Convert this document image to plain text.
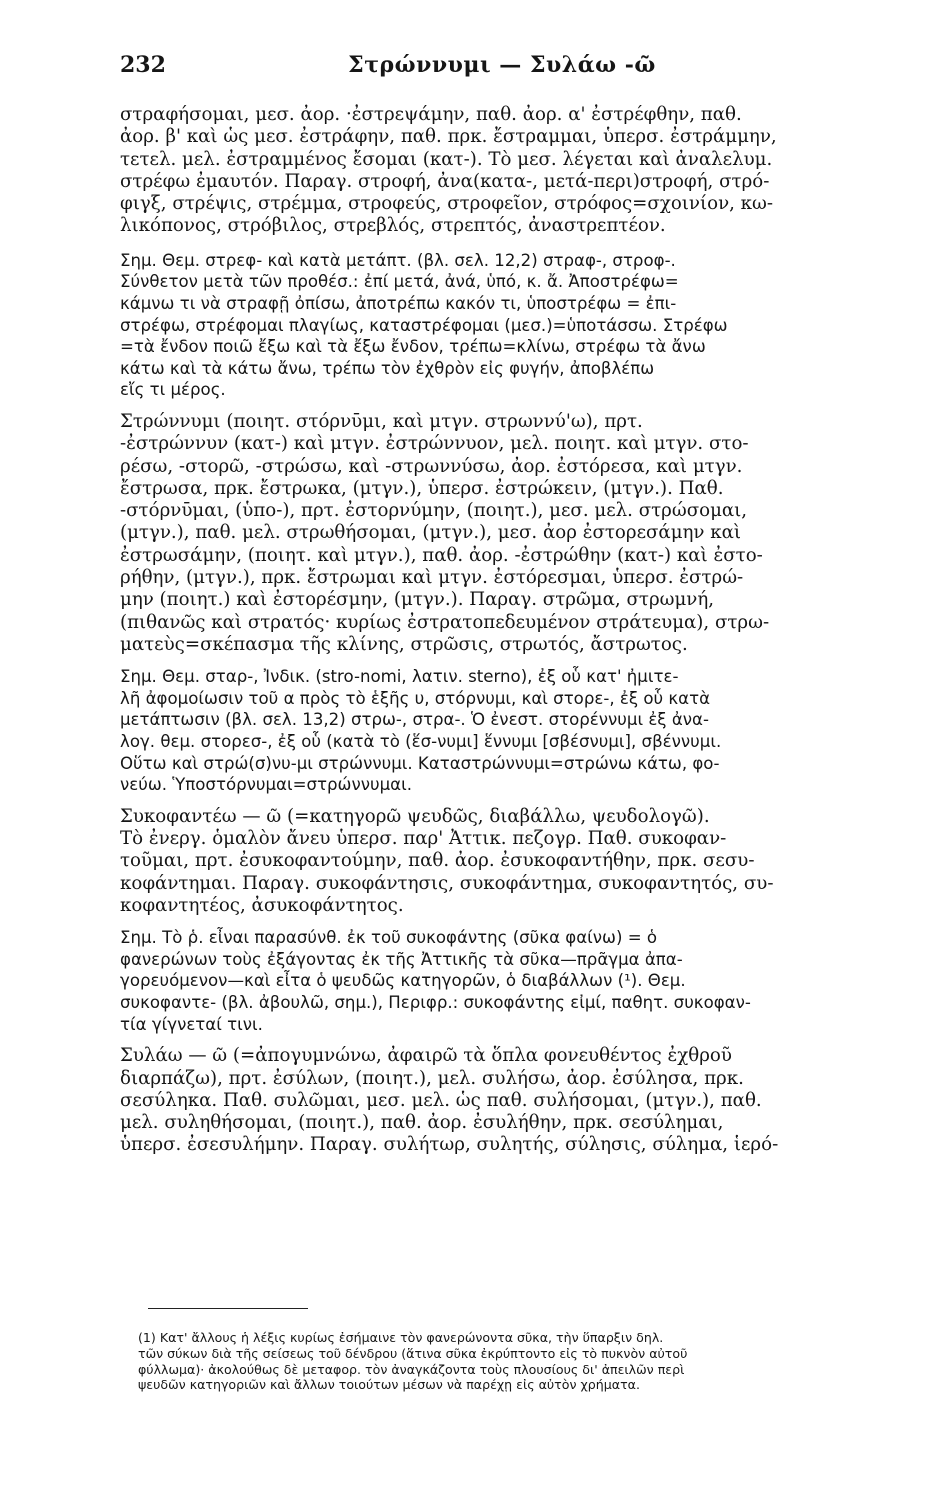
232	Στρώννυμι — Συλάω -ῶ
στραφήσομαι, μεσ. ἀορ. ·ἐστρεψάμην, παθ. ἀορ. α' ἐστρέφθην, παθ.
ἀορ. β' καὶ ὡς μεσ. ἐστράφην, παθ. πρκ. ἔστραμμαι, ὑπερσ. ἐστράμμην,
τετελ. μελ. ἐστραμμένος ἔσομαι (κατ-). Τὸ μεσ. λέγεται καὶ ἀναλελυμ.
στρέφω ἐμαυτόν. Παραγ. στροφή, ἀνα(κατα-, μετά-περι)στροφή, στρό-
φιγξ, στρέψις, στρέμμα, στροφεύς, στροφεῖον, στρόφος=σχοινίον, κω-
λικόπονος, στρόβιλος, στρεβλός, στρεπτός, ἀναστρεπτέον.
Σημ. Θεμ. στρεφ- καὶ κατὰ μετάπτ. (βλ. σελ. 12,2) στραφ-, στροφ-.
Σύνθετον μετὰ τῶν προθέσ.: ἐπί μετά, ἀνά, ὑπό, κ. ἄ. Ἀποστρέφω=
κάμνω τι νὰ στραφῇ ὀπίσω, ἀποτρέπω κακόν τι, ὑποστρέφω = ἐπι-
στρέφω, στρέφομαι πλαγίως, καταστρέφομαι (μεσ.)=ὑποτάσσω. Στρέφω
=τὰ ἔνδον ποιῶ ἔξω καὶ τὰ ἔξω ἔνδον, τρέπω=κλίνω, στρέφω τὰ ἄνω
κάτω καὶ τὰ κάτω ἄνω, τρέπω τὸν ἐχθρὸν εἰς φυγήν, ἀποβλέπω
εἴς τι μέρος.
Στρώννυμι (ποιητ. στόρνῡμι, καὶ μτγν. στρωννύ'ω), πρτ.
-ἐστρώννυν (κατ-) καὶ μτγν. ἐστρώννυον, μελ. ποιητ. καὶ μτγν. στο-
ρέσω, -στορῶ, -στρώσω, καὶ -στρωννύσω, ἀορ. ἐστόρεσα, καὶ μτγν.
ἔστρωσα, πρκ. ἔστρωκα, (μτγν.), ὑπερσ. ἐστρώκειν, (μτγν.). Παθ.
-στόρνῡμαι, (ὑπο-), πρτ. ἐστορνύμην, (ποιητ.), μεσ. μελ. στρώσομαι,
(μτγν.), παθ. μελ. στρωθήσομαι, (μτγν.), μεσ. ἀορ ἐστορεσάμην καὶ
ἐστρωσάμην, (ποιητ. καὶ μτγν.), παθ. ἀορ. -ἐστρώθην (κατ-) καὶ ἐστο-
ρήθην, (μτγν.), πρκ. ἔστρωμαι καὶ μτγν. ἐστόρεσμαι, ὑπερσ. ἐστρώ-
μην (ποιητ.) καὶ ἐστορέσμην, (μτγν.). Παραγ. στρῶμα, στρωμνή,
(πιθανῶς καὶ στρατός· κυρίως ἐστρατοπεδευμένον στράτευμα), στρω-
ματεὺς=σκέπασμα τῆς κλίνης, στρῶσις, στρωτός, ἄστρωτος.
Σημ. Θεμ. σταρ-, Ἰνδικ. (stro-nomi, λατιν. sterno), ἐξ οὗ κατ' ἠμιτε-
λῆ ἀφομοίωσιν τοῦ α πρὸς τὸ ἑξῆς υ, στόρνυμι, καὶ στορε-, ἐξ οὗ κατὰ
μετάπτωσιν (βλ. σελ. 13,2) στρω-, στρα-. Ὁ ἐνεστ. στορέννυμι ἐξ ἀνα-
λογ. θεμ. στορεσ-, ἐξ οὗ (κατὰ τὸ (ἕσ-νυμι] ἕννυμι [σβέσνυμι], σβέννυμι.
Οὕτω καὶ στρώ(σ)νυ-μι στρώννυμι. Καταστρώννυμι=στρώνω κάτω, φο-
νεύω. Ὑποστόρνυμαι=στρώννυμαι.
Συκοφαντέω — ῶ (=κατηγορῶ ψευδῶς, διαβάλλω, ψευδολογῶ).
Τὸ ἐνεργ. ὁμαλὸν ἄνευ ὑπερσ. παρ' Ἀττικ. πεζογρ. Παθ. συκοφαν-
τοῦμαι, πρτ. ἐσυκοφαντούμην, παθ. ἀορ. ἐσυκοφαντήθην, πρκ. σεσυ-
κοφάντημαι. Παραγ. συκοφάντησις, συκοφάντημα, συκοφαντητός, συ-
κοφαντητέος, ἀσυκοφάντητος.
Σημ. Τὸ ῥ. εἶναι παρασύνθ. ἐκ τοῦ συκοφάντης (σῦκα φαίνω) = ὁ
φανερώνων τοὺς ἐξάγοντας ἐκ τῆς Ἀττικῆς τὰ σῦκα—πρᾶγμα ἀπα-
γορευόμενον—καὶ εἶτα ὁ ψευδῶς κατηγορῶν, ὁ διαβάλλων (¹). Θεμ.
συκοφαντε- (βλ. ἀβουλῶ, σημ.), Περιφρ.: συκοφάντης εἰμί, παθητ. συκοφαν-
τία γίγνεταί τινι.
Συλάω — ῶ (=ἀπογυμνώνω, ἀφαιρῶ τὰ ὅπλα φονευθέντος ἐχθροῦ
διαρπάζω), πρτ. ἐσύλων, (ποιητ.), μελ. συλήσω, ἀορ. ἐσύλησα, πρκ.
σεσύληκα. Παθ. συλῶμαι, μεσ. μελ. ὡς παθ. συλήσομαι, (μτγν.), παθ.
μελ. συληθήσομαι, (ποιητ.), παθ. ἀορ. ἐσυλήθην, πρκ. σεσύλημαι,
ὑπερσ. ἐσεσυλήμην. Παραγ. συλήτωρ, συλητής, σύλησις, σύλημα, ἱερό-
(1) Κατ' ἄλλους ἡ λέξις κυρίως ἐσήμαινε τὸν φανερώνοντα σῦκα, τὴν ὕπαρξιν δηλ.
τῶν σύκων διὰ τῆς σείσεως τοῦ δένδρου (ἅτινα σῦκα ἐκρύπτοντο εἰς τὸ πυκνὸν αὐτοῦ
φύλλωμα)· ἀκολούθως δὲ μεταφορ. τὸν ἀναγκάζοντα τοὺς πλουσίους δι' ἀπειλῶν περὶ
ψευδῶν κατηγοριῶν καὶ ἄλλων τοιούτων μέσων νὰ παρέχῃ εἰς αὐτὸν χρήματα.
